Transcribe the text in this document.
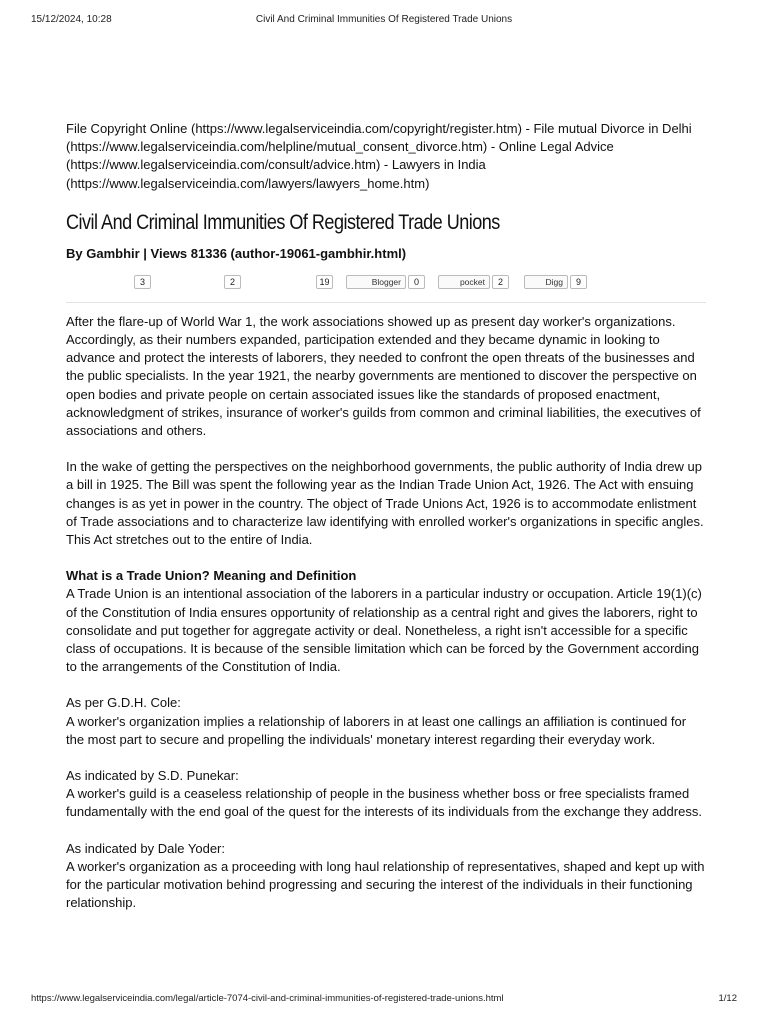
15/12/2024, 10:28	Civil And Criminal Immunities Of Registered Trade Unions
File Copyright Online (https://www.legalserviceindia.com/copyright/register.htm) - File mutual Divorce in Delhi (https://www.legalserviceindia.com/helpline/mutual_consent_divorce.htm) - Online Legal Advice (https://www.legalserviceindia.com/consult/advice.htm) - Lawyers in India (https://www.legalserviceindia.com/lawyers/lawyers_home.htm)
Civil And Criminal Immunities Of Registered Trade Unions
By Gambhir | Views 81336 (author-19061-gambhir.html)
3	2	19	Blogger	0	pocket	2	Digg	9

After the flare-up of World War 1, the work associations showed up as present day worker's organizations. Accordingly, as their numbers expanded, participation extended and they became dynamic in looking to advance and protect the interests of laborers, they needed to confront the open threats of the businesses and the public specialists. In the year 1921, the nearby governments are mentioned to discover the perspective on open bodies and private people on certain associated issues like the standards of proposed enactment, acknowledgment of strikes, insurance of worker's guilds from common and criminal liabilities, the executives of associations and others.

In the wake of getting the perspectives on the neighborhood governments, the public authority of India drew up a bill in 1925. The Bill was spent the following year as the Indian Trade Union Act, 1926. The Act with ensuing changes is as yet in power in the country. The object of Trade Unions Act, 1926 is to accommodate enlistment of Trade associations and to characterize law identifying with enrolled worker's organizations in specific angles. This Act stretches out to the entire of India.

What is a Trade Union? Meaning and Definition
A Trade Union is an intentional association of the laborers in a particular industry or occupation. Article 19(1)(c) of the Constitution of India ensures opportunity of relationship as a central right and gives the laborers, right to consolidate and put together for aggregate activity or deal. Nonetheless, a right isn't accessible for a specific class of occupations. It is because of the sensible limitation which can be forced by the Government according to the arrangements of the Constitution of India.

As per G.D.H. Cole:
A worker's organization implies a relationship of laborers in at least one callings an affiliation is continued for the most part to secure and propelling the individuals' monetary interest regarding their everyday work.

As indicated by S.D. Punekar:
A worker's guild is a ceaseless relationship of people in the business whether boss or free specialists framed fundamentally with the end goal of the quest for the interests of its individuals from the exchange they address.

As indicated by Dale Yoder:
A worker's organization as a proceeding with long haul relationship of representatives, shaped and kept up with for the particular motivation behind progressing and securing the interest of the individuals in their functioning relationship.

https://www.legalserviceindia.com/legal/article-7074-civil-and-criminal-immunities-of-registered-trade-unions.html	1/12
